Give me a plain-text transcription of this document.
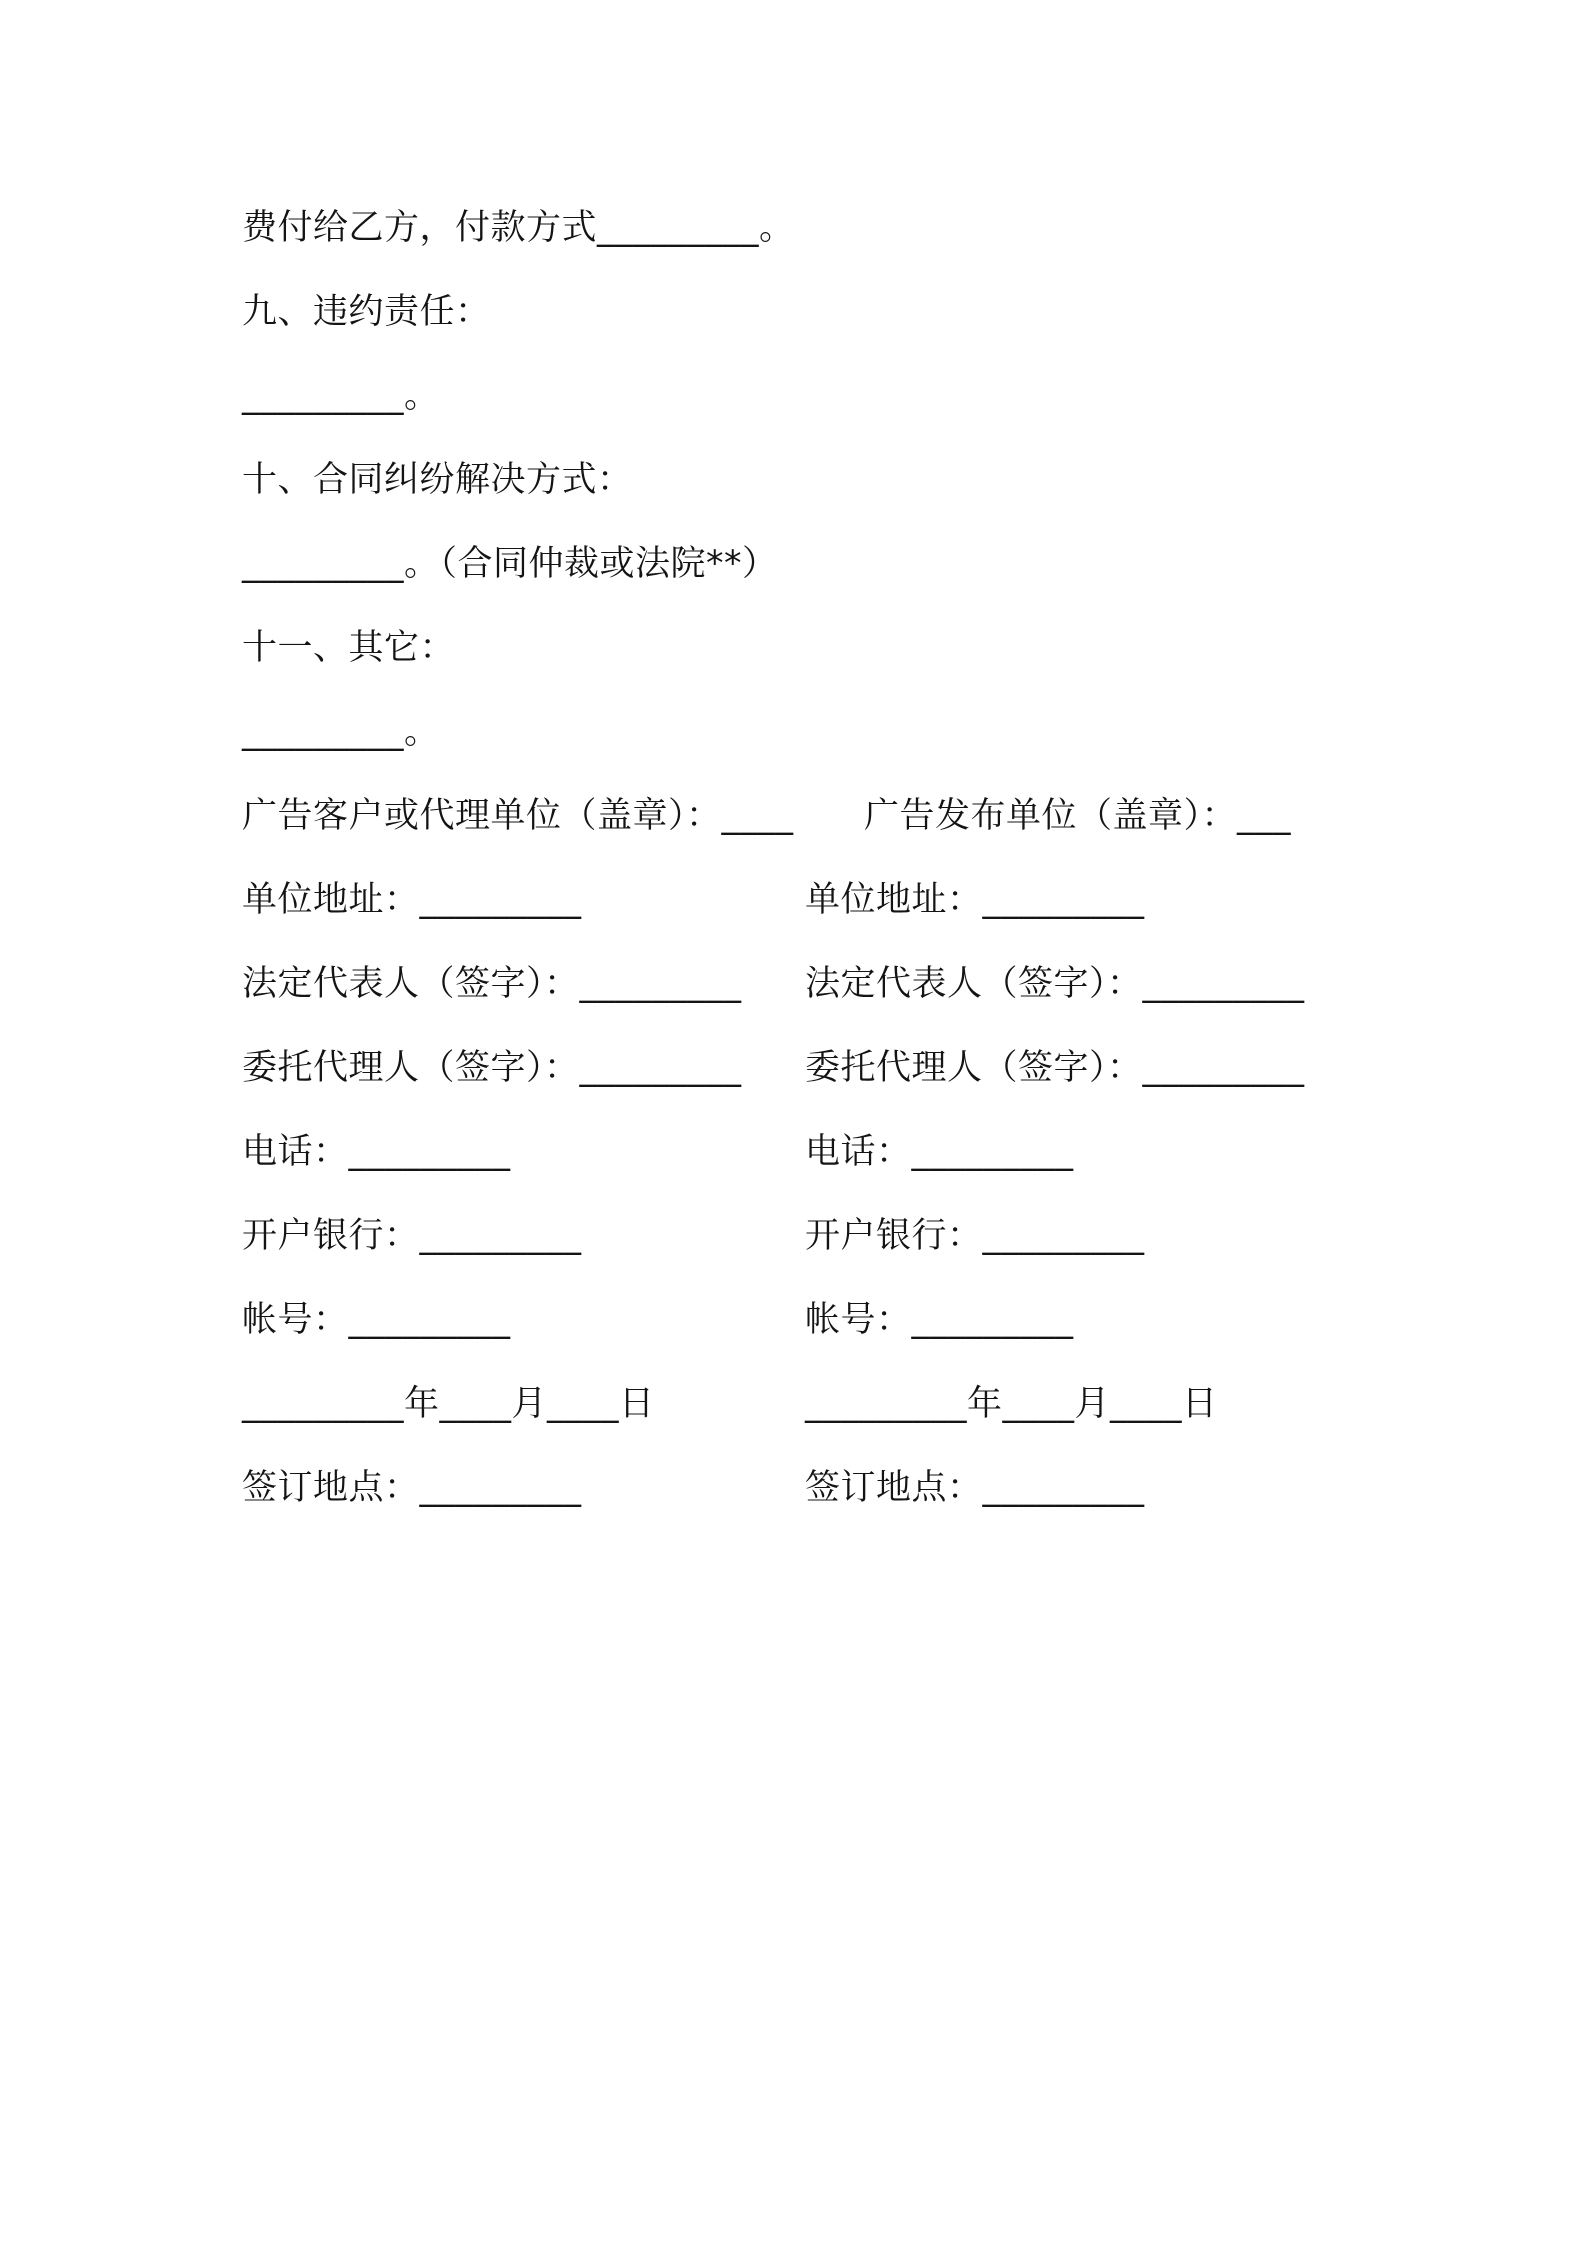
费付给乙方，付款方式_________。
九、违约责任：
_________。
十、合同纠纷解决方式：
_________。（合同仲裁或法院**）
十一、其它：
_________。
广告客户或代理单位（盖章）：____ 广告发布单位（盖章）：___
单位地址：_________	单位地址：_________
法定代表人（签字）：_________ 法定代表人（签字）：_________
委托代理人（签字）：_________ 委托代理人（签字）：_________
电话：_________	电话：_________
开户银行：_________	开户银行：_________
帐号：_________	帐号：_________
_________年____月____日	_________年____月____日
签订地点：_________	签订地点：_________
